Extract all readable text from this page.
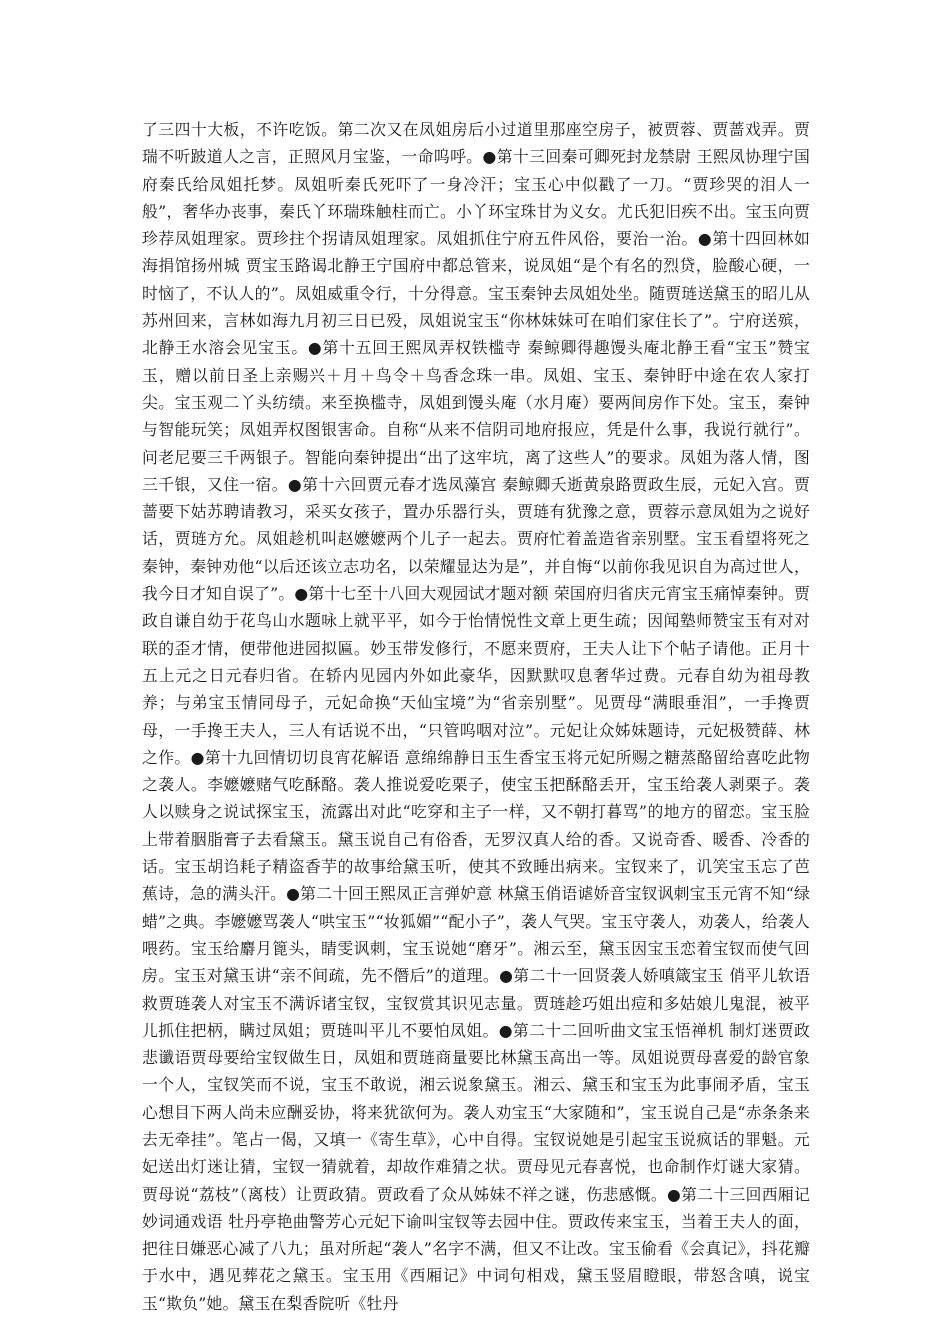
了三四十大板，不许吃饭。第二次又在凤姐房后小过道里那座空房子，被贾蓉、贾蔷戏弄。贾瑞不听跛道人之言，正照风月宝鉴，一命呜呼。●第十三回秦可卿死封龙禁尉 王熙凤协理宁国府秦氏给凤姐托梦。凤姐听秦氏死吓了一身冷汗；宝玉心中似戳了一刀。“贾珍哭的泪人一般”，奢华办丧事，秦氏丫环瑞珠触柱而亡。小丫环宝珠甘为义女。尤氏犯旧疾不出。宝玉向贾珍荐凤姐理家。贾珍拄个拐请凤姐理家。凤姐抓住宁府五件风俗，要治一治。●第十四回林如海捐馆扬州城 贾宝玉路谒北静王宁国府中都总管来，说凤姐“是个有名的烈贷，脸酸心硬，一时恼了，不认人的”。凤姐威重令行，十分得意。宝玉秦钟去凤姐处坐。随贾琏送黛玉的昭儿从苏州回来，言林如海九月初三日已殁，凤姐说宝玉“你林妹妹可在咱们家住长了”。宁府送殡，北静王水溶会见宝玉。●第十五回王熙凤弄权铁槛寺 秦鲸卿得趣馒头庵北静王看“宝玉”赞宝玉，赠以前日圣上亲赐兴＋月＋鸟令＋鸟香念珠一串。凤姐、宝玉、秦钟盱中途在农人家打尖。宝玉观二丫头纺绩。来至换槛寺，凤姐到馒头庵（水月庵）要两间房作下处。宝玉，秦钟与智能玩笑；凤姐弄权图银害命。自称“从来不信阴司地府报应，凭是什么事，我说行就行”。问老尼要三千两银子。智能向秦钟提出“出了这牢坑，离了这些人”的要求。凤姐为落人情，图三千银，又住一宿。●第十六回贾元春才选凤藻宫 秦鲸卿夭逝黄泉路贾政生辰，元妃入宫。贾蔷要下姑苏聘请教习，采买女孩子，置办乐器行头，贾琏有犹豫之意，贾蓉示意凤姐为之说好话，贾琏方允。凤姐趁机叫赵嬷嬷两个儿子一起去。贾府忙着盖造省亲别墅。宝玉看望将死之秦钟，秦钟劝他“以后还该立志功名，以荣耀显达为是”，并自悔“以前你我见识自为高过世人，我今日才知自误了”。●第十七至十八回大观园试才题对额 荣国府归省庆元宵宝玉痛悼秦钟。贾政自谦自幼于花鸟山水题咏上就平平，如今于怡情悦性文章上更生疏；因闻塾师赞宝玉有对对联的歪才情，便带他进园拟匾。妙玉带发修行，不愿来贾府，王夫人让下个帖子请他。正月十五上元之日元春归省。在轿内见园内外如此豪华，因默默叹息奢华过费。元春自幼为祖母教养；与弟宝玉情同母子，元妃命换“天仙宝境”为“省亲别墅”。见贾母“满眼垂泪”，一手搀贾母，一手搀王夫人，三人有话说不出，“只管呜咽对泣”。元妃让众姊妹题诗，元妃极赞薛、林之作。●第十九回情切切良宵花解语 意绵绵静日玉生香宝玉将元妃所赐之糖蒸酪留给喜吃此物之袭人。李嬷嬷赌气吃酥酪。袭人推说爱吃栗子，使宝玉把酥酪丢开，宝玉给袭人剥栗子。袭人以赎身之说试探宝玉，流露出对此“吃穿和主子一样，又不朝打暮骂”的地方的留恋。宝玉脸上带着胭脂膏子去看黛玉。黛玉说自己有俗香，无罗汉真人给的香。又说奇香、暖香、冷香的话。宝玉胡诌耗子精盗香芋的故事给黛玉听，使其不致睡出病来。宝钗来了，讥笑宝玉忘了芭蕉诗，急的满头汗。●第二十回王熙凤正言弹妒意 林黛玉俏语谑娇音宝钗讽刺宝玉元宵不知“绿蜡”之典。李嬷嬷骂袭人“哄宝玉”“妆狐媚”“配小子”，袭人气哭。宝玉守袭人，劝袭人，给袭人喂药。宝玉给麝月篦头，睛雯讽刺，宝玉说她“磨牙”。湘云至，黛玉因宝玉恋着宝钗而使气回房。宝玉对黛玉讲“亲不间疏，先不僭后”的道理。●第二十一回贤袭人娇嗔箴宝玉 俏平儿软语救贾琏袭人对宝玉不满诉诸宝钗，宝钗赏其识见志量。贾琏趁巧姐出痘和多姑娘儿鬼混，被平儿抓住把柄，瞒过凤姐；贾琏叫平儿不要怕凤姐。●第二十二回听曲文宝玉悟禅机 制灯迷贾政悲谶语贾母要给宝钗做生日，凤姐和贾琏商量要比林黛玉高出一等。凤姐说贾母喜爱的龄官象一个人，宝钗笑而不说，宝玉不敢说，湘云说象黛玉。湘云、黛玉和宝玉为此事闹矛盾，宝玉心想目下两人尚未应酬妥协，将来犹欲何为。袭人劝宝玉“大家随和”，宝玉说自己是“赤条条来去无牵挂”。笔占一偈，又填一《寄生草》，心中自得。宝钗说她是引起宝玉说疯话的罪魁。元妃送出灯迷让猜，宝钗一猜就着，却故作难猜之状。贾母见元春喜悦，也命制作灯谜大家猜。贾母说“荔枝”（离枝）让贾政猜。贾政看了众从姊妹不祥之谜，伤悲感慨。●第二十三回西厢记妙词通戏语 牡丹亭艳曲警芳心元妃下谕叫宝钗等去园中住。贾政传来宝玉，当着王夫人的面，把往日嫌恶心减了八九；虽对所起“袭人”名字不满，但又不让改。宝玉偷看《会真记》，抖花瓣于水中，遇见葬花之黛玉。宝玉用《西厢记》中词句相戏，黛玉竖眉瞪眼，带怒含嗔，说宝玉“欺负”她。黛玉在梨香院听《牡丹
